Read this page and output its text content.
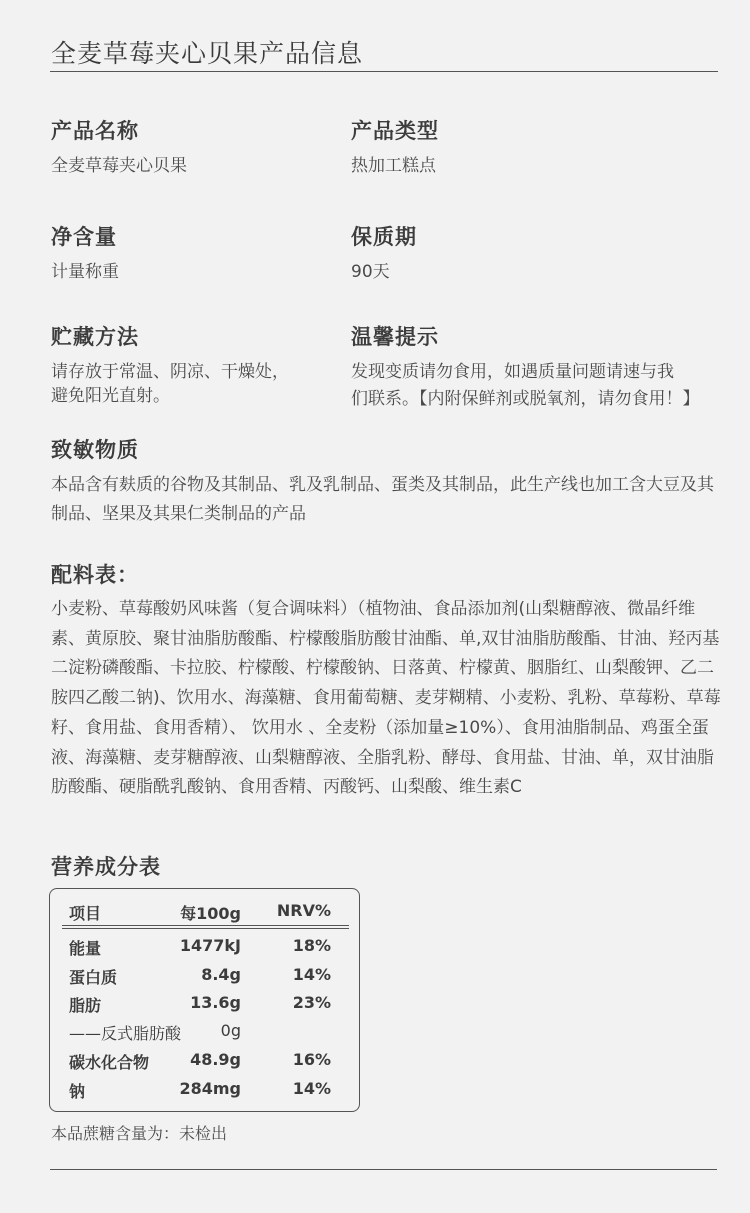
全麦草莓夹心贝果产品信息
产品名称
全麦草莓夹心贝果
产品类型
热加工糕点
净含量
计量称重
保质期
90天
贮藏方法
请存放于常温、阴凉、干燥处，
避免阳光直射。
温馨提示
发现变质请勿食用，如遇质量问题请速与我
们联系。【内附保鲜剂或脱氧剂，请勿食用！】
致敏物质

本品含有麸质的谷物及其制品、乳及乳制品、蛋类及其制品，此生产线也加工含大豆及其制品、坚果及其果仁类制品的产品

配料表：

小麦粉、草莓酸奶风味酱（复合调味料）（植物油、食品添加剂(山梨糖醇液、微晶纤维素、黄原胶、聚甘油脂肪酸酯、柠檬酸脂肪酸甘油酯、单,双甘油脂肪酸酯、甘油、羟丙基二淀粉磷酸酯、卡拉胶、柠檬酸、柠檬酸钠、日落黄、柠檬黄、胭脂红、山梨酸钾、乙二胺四乙酸二钠)、饮用水、海藻糖、食用葡萄糖、麦芽糊精、小麦粉、乳粉、草莓粉、草莓籽、食用盐、食用香精）、 饮用水 、全麦粉（添加量≥10%）、食用油脂制品、鸡蛋全蛋液、海藻糖、麦芽糖醇液、山梨糖醇液、全脂乳粉、酵母、食用盐、甘油、单，双甘油脂肪酸酯、硬脂酰乳酸钠、食用香精、丙酸钙、山梨酸、维生素C

营养成分表
项目	每100g NRV%
能量	1477kJ	18%
蛋白质	8.4g	14%
脂肪	13.6g	23%
——反式脂肪酸 0g
碳水化合物	48.9g	16%
钠	284mg	14%
本品蔗糖含量为：未检出
